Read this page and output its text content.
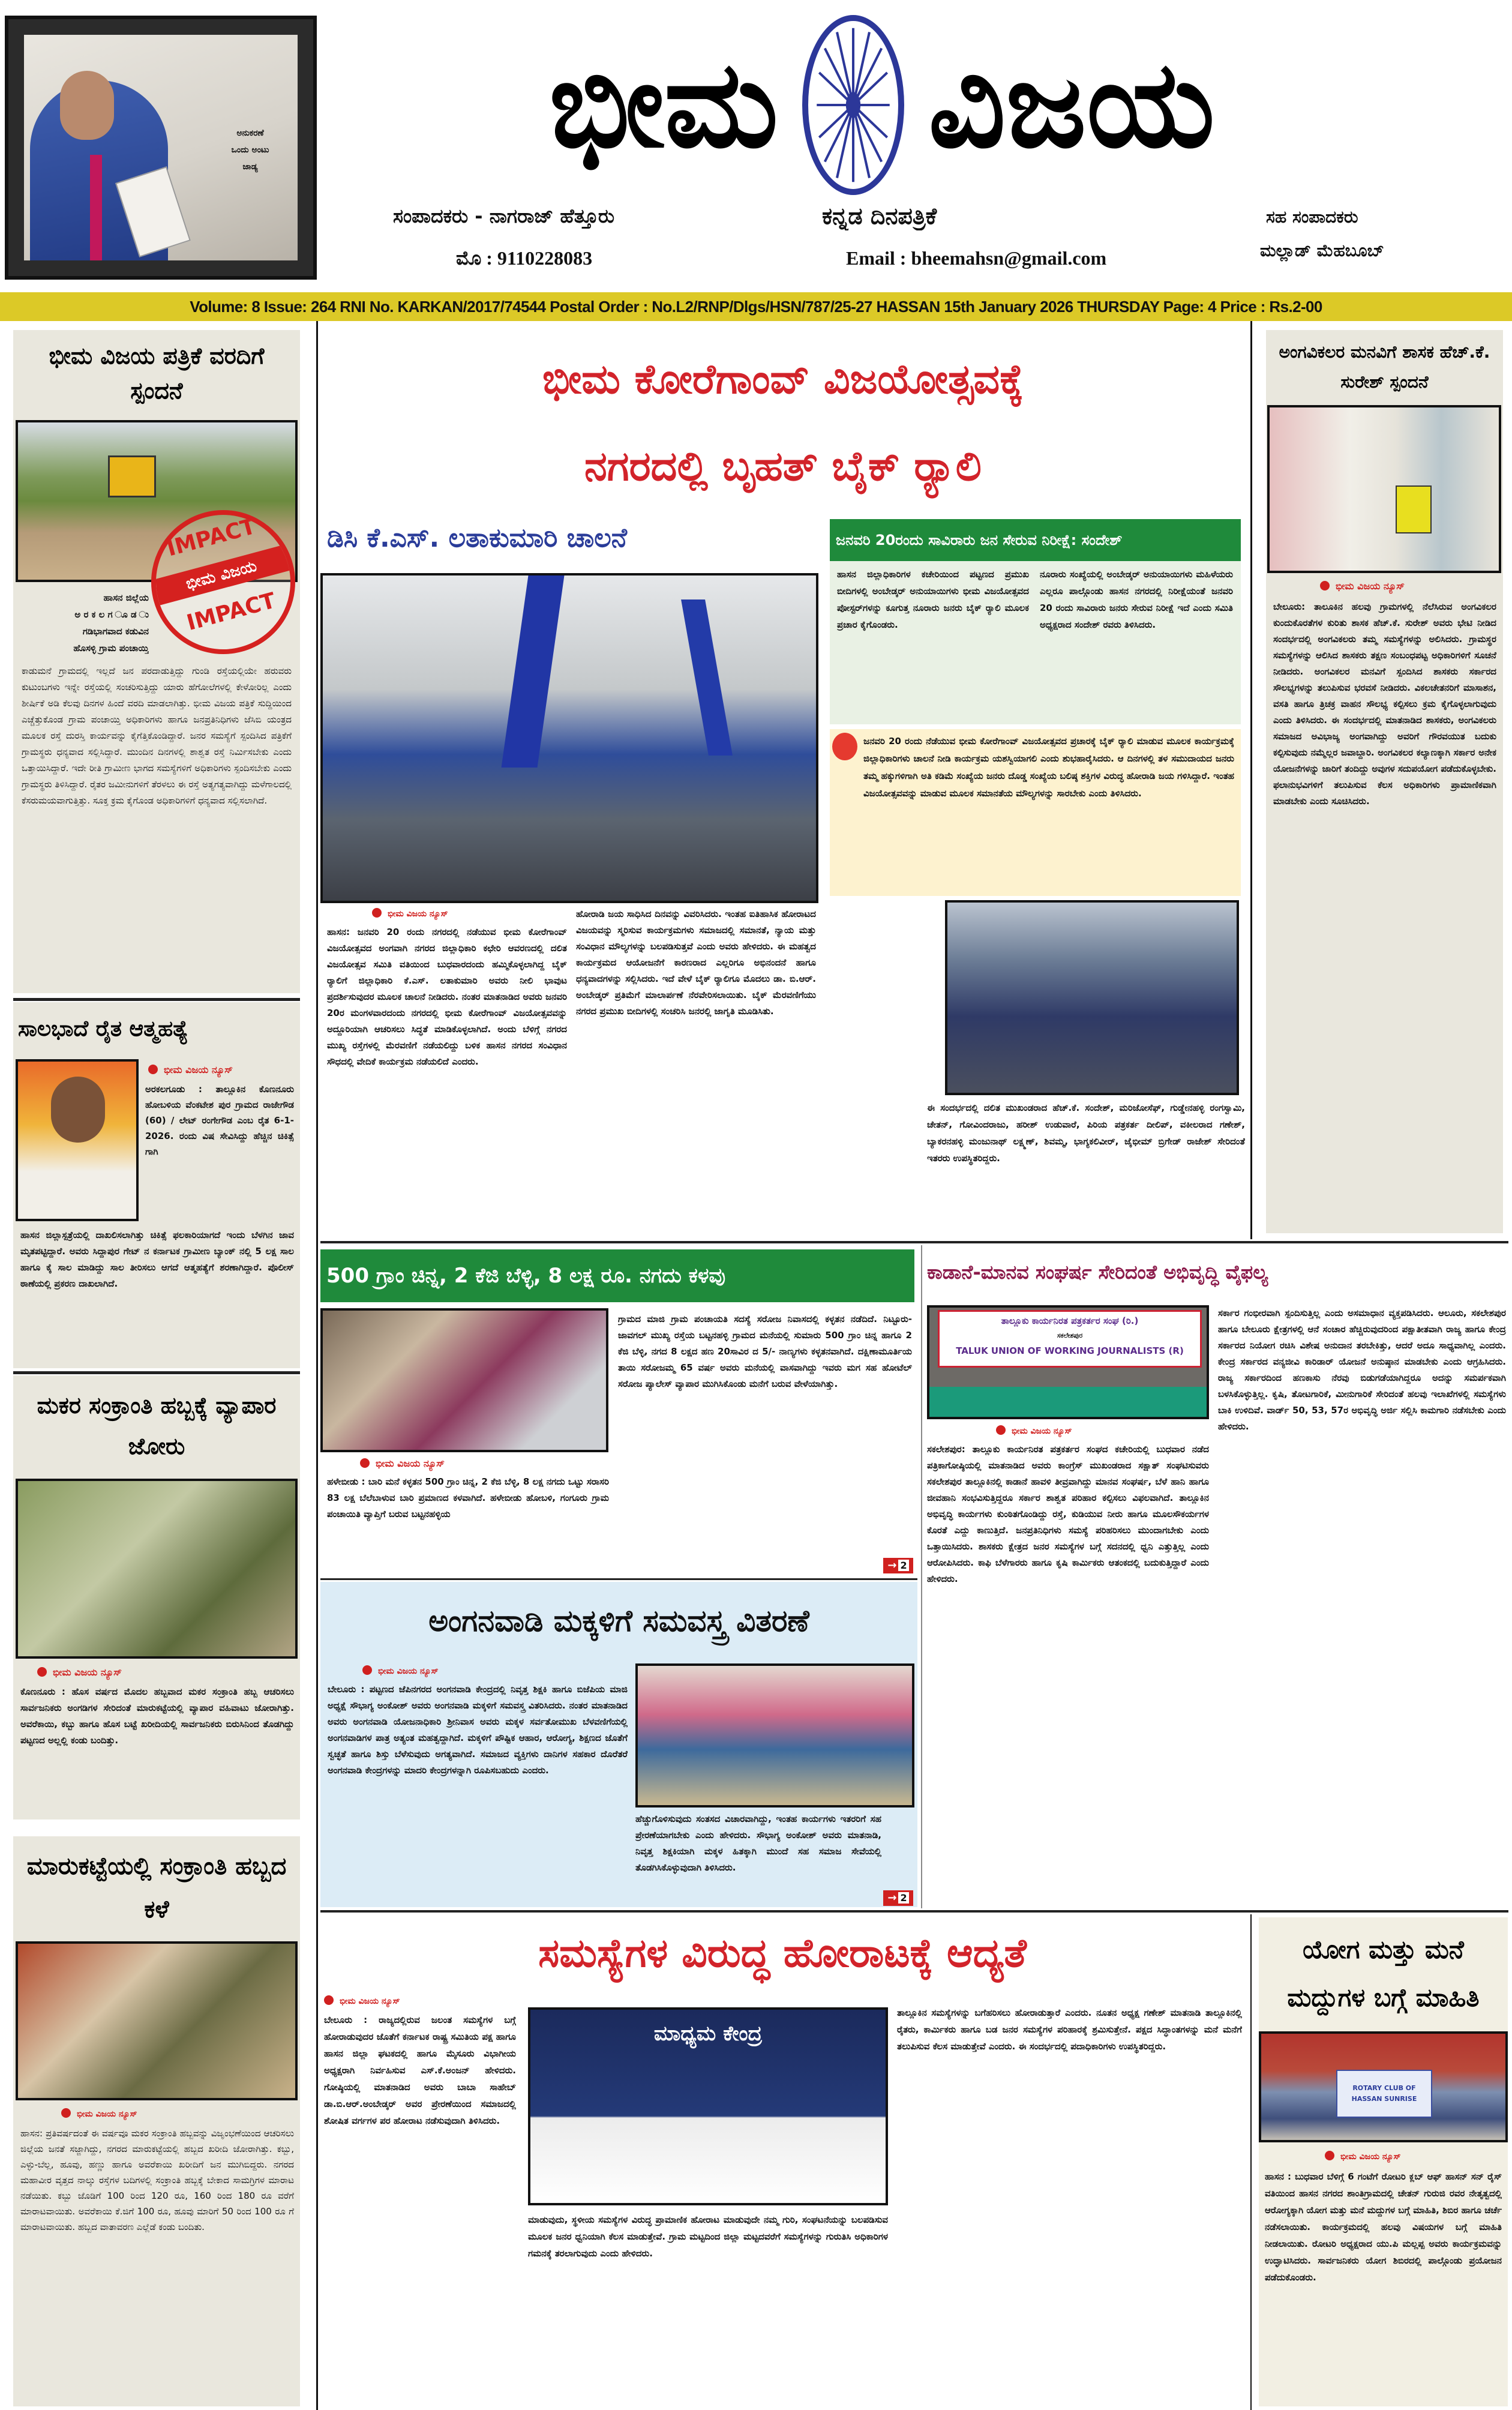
ಅನುಕರಣೆ
ಒಂದು ಅಂಟು
ಜಾಡ್ಯ ಭೀಮ ವಿಜಯ
ಸಂಪಾದಕರು - ನಾಗರಾಜ್ ಹೆತ್ತೂರು
ಮೊ : 9110228083
ಕನ್ನಡ ದಿನಪತ್ರಿಕೆ
Email : bheemahsn@gmail.com
ಸಹ ಸಂಪಾದಕರು
ಮಲ್ಲಾಡ್ ಮೆಹಬೂಬ್
Volume: 8 Issue: 264 RNI No. KARKAN/2017/74544 Postal Order : No.L2/RNP/Dlgs/HSN/787/25-27 HASSAN 15th January 2026 THURSDAY Page: 4 Price : Rs.2-00
ಭೀಮ ವಿಜಯ ಪತ್ರಿಕೆ ವರದಿಗೆ ಸ್ಪಂದನೆ
IMPACT
ಭೀಮ ವಿಜಯ
IMPACT
ಹಾಸನ ಜಿಲ್ಲೆಯ
ಅ ರ ಕ ಲ ಗ ೂ ಡ ು
ಗಡಿಭಾಗವಾದ ಕಡುವಿನ
ಹೊಸಳ್ಳಿ ಗ್ರಾಮ ಪಂಚಾಯ್ತಿ
ಕಾಡುಮನೆ ಗ್ರಾಮದಲ್ಲಿ ಇಲ್ಲದೆ ಜನ ಪರದಾಡುತ್ತಿದ್ದು ಗುಂಡಿ ರಸ್ತೆಯಲ್ಲಿಯೇ ಹರುವರು ಕುಟುಂಬಗಳು ಇನ್ನೇ ರಸ್ತೆಯಲ್ಲಿ ಸಂಚರಿಸುತ್ತಿದ್ದು ಯಾರು ಹೆಗೋಲೆಗಳಲ್ಲಿ ಕೇಳೋರಿಲ್ಲ ಎಂದು ಶೀರ್ಷಿಕೆ ಅಡಿ ಕೆಲವು ದಿನಗಳ ಹಿಂದೆ ವರದಿ ಮಾಡಲಾಗಿತ್ತು. ಭೀಮ ವಿಜಯ ಪತ್ರಿಕೆ ಸುದ್ದಿಯಿಂದ ಎಚ್ಚೆತ್ತುಕೊಂಡ ಗ್ರಾಮ ಪಂಚಾಯ್ತಿ ಅಧಿಕಾರಿಗಳು ಹಾಗೂ ಜನಪ್ರತಿನಿಧಿಗಳು ಜೆಸಿಬಿ ಯಂತ್ರದ ಮೂಲಕ ರಸ್ತೆ ದುರಸ್ತಿ ಕಾರ್ಯವನ್ನು ಕೈಗೆತ್ತಿಕೊಂಡಿದ್ದಾರೆ. ಜನರ ಸಮಸ್ಯೆಗೆ ಸ್ಪಂದಿಸಿದ ಪತ್ರಿಕೆಗೆ ಗ್ರಾಮಸ್ಥರು ಧನ್ಯವಾದ ಸಲ್ಲಿಸಿದ್ದಾರೆ. ಮುಂದಿನ ದಿನಗಳಲ್ಲಿ ಶಾಶ್ವತ ರಸ್ತೆ ನಿರ್ಮಿಸಬೇಕು ಎಂದು ಒತ್ತಾಯಿಸಿದ್ದಾರೆ. ಇದೇ ರೀತಿ ಗ್ರಾಮೀಣ ಭಾಗದ ಸಮಸ್ಯೆಗಳಿಗೆ ಅಧಿಕಾರಿಗಳು ಸ್ಪಂದಿಸಬೇಕು ಎಂದು ಗ್ರಾಮಸ್ಥರು ತಿಳಿಸಿದ್ದಾರೆ. ರೈತರ ಜಮೀನುಗಳಿಗೆ ತೆರಳಲು ಈ ರಸ್ತೆ ಅತ್ಯಗತ್ಯವಾಗಿದ್ದು ಮಳೆಗಾಲದಲ್ಲಿ ಕೆಸರುಮಯವಾಗುತ್ತಿತ್ತು. ಸೂಕ್ತ ಕ್ರಮ ಕೈಗೊಂಡ ಅಧಿಕಾರಿಗಳಿಗೆ ಧನ್ಯವಾದ ಸಲ್ಲಿಸಲಾಗಿದೆ.
ಸಾಲಭಾದೆ ರೈತ ಆತ್ಮಹತ್ಯೆ
ಭೀಮ ವಿಜಯ ನ್ಯೂಸ್
ಅರಕಲಗೂಡು : ತಾಲ್ಲೂಕಿನ ಕೊಣನೂರು ಹೋಬಳಿಯ ವೆಂಕಟೇಶ ಪುರ ಗ್ರಾಮದ ರಾಜೇಗೌಡ (60) / ಲೇಟ್ ರಂಗೇಗೌಡ ಎಂಬ ರೈತ 6-1-2026. ರಂದು ವಿಷ ಸೇವಿಸಿದ್ದು ಹೆಚ್ಚಿನ ಚಿಕಿತ್ಸೆ ಗಾಗಿ
ಹಾಸನ ಜಿಲ್ಲಾಸ್ಪತ್ರೆಯಲ್ಲಿ ದಾಖಲಿಸಲಾಗಿತ್ತು ಚಿಕಿತ್ಸೆ ಫಲಕಾರಿಯಾಗದೆ ಇಂದು ಬೆಳಗಿನ ಜಾವ ಮೃತಪಟ್ಟಿದ್ದಾರೆ. ಅವರು ಸಿದ್ದಾಪುರ ಗೇಟ್ ನ ಕರ್ನಾಟಕ ಗ್ರಾಮೀಣ ಬ್ಯಾಂಕ್ ನಲ್ಲಿ 5 ಲಕ್ಷ ಸಾಲ ಹಾಗೂ ಕೈ ಸಾಲ ಮಾಡಿದ್ದು ಸಾಲ ತೀರಿಸಲು ಆಗದೆ ಆತ್ಮಹತ್ಯೆಗೆ ಶರಣಾಗಿದ್ದಾರೆ. ಪೊಲೀಸ್ ಠಾಣೆಯಲ್ಲಿ ಪ್ರಕರಣ ದಾಖಲಾಗಿದೆ.
ಮಕರ ಸಂಕ್ರಾಂತಿ ಹಬ್ಬಕ್ಕೆ ವ್ಯಾಪಾರ ಜೋರು
ಭೀಮ ವಿಜಯ ನ್ಯೂಸ್
ಕೊಣನೂರು : ಹೊಸ ವರ್ಷದ ಮೊದಲ ಹಬ್ಬವಾದ ಮಕರ ಸಂಕ್ರಾಂತಿ ಹಬ್ಬ ಆಚರಿಸಲು ಸಾರ್ವಜನಿಕರು ಅಂಗಡಿಗಳ ಸೇರಿದಂತೆ ಮಾರುಕಟ್ಟೆಯಲ್ಲಿ ವ್ಯಾಪಾರ ವಹಿವಾಟು ಜೋರಾಗಿತ್ತು. ಅವರೆಕಾಯಿ, ಕಬ್ಬು ಹಾಗೂ ಹೊಸ ಬಟ್ಟೆ ಖರೀದಿಯಲ್ಲಿ ಸಾರ್ವಜನಿಕರು ಬಿರುಸಿನಿಂದ ತೊಡಗಿದ್ದು ಪಟ್ಟಣದ ಅಲ್ಲಲ್ಲಿ ಕಂಡು ಬಂದಿತ್ತು.
ಮಾರುಕಟ್ಟೆಯಲ್ಲಿ ಸಂಕ್ರಾಂತಿ ಹಬ್ಬದ ಕಳೆ
ಭೀಮ ವಿಜಯ ನ್ಯೂಸ್
ಹಾಸನ: ಪ್ರತಿವರ್ಷದಂತೆ ಈ ವರ್ಷವೂ ಮಕರ ಸಂಕ್ರಾಂತಿ ಹಬ್ಬವನ್ನು ವಿಜೃಂಭಣೆಯಿಂದ ಆಚರಿಸಲು ಜಿಲ್ಲೆಯ ಜನತೆ ಸಜ್ಜಾಗಿದ್ದು, ನಗರದ ಮಾರುಕಟ್ಟೆಯಲ್ಲಿ ಹಬ್ಬದ ಖರೀದಿ ಜೋರಾಗಿತ್ತು. ಕಬ್ಬು, ಎಳ್ಳು-ಬೆಲ್ಲ, ಹೂವು, ಹಣ್ಣು ಹಾಗೂ ಅವರೆಕಾಯಿ ಖರೀದಿಗೆ ಜನ ಮುಗಿಬಿದ್ದರು. ನಗರದ ಮಹಾವೀರ ವೃತ್ತದ ನಾಲ್ಕು ರಸ್ತೆಗಳ ಬದಿಗಳಲ್ಲಿ ಸಂಕ್ರಾಂತಿ ಹಬ್ಬಕ್ಕೆ ಬೇಕಾದ ಸಾಮಗ್ರಿಗಳ ಮಾರಾಟ ನಡೆಯಿತು. ಕಬ್ಬು ಜೊಡಿಗೆ 100 ರಿಂದ 120 ರೂ, 160 ರಿಂದ 180 ರೂ ವರೆಗೆ ಮಾರಾಟವಾಯಿತು. ಅವರೆಕಾಯಿ ಕೆ.ಜಿಗೆ 100 ರೂ, ಹೂವು ಮಾರಿಗೆ 50 ರಿಂದ 100 ರೂ ಗೆ ಮಾರಾಟವಾಯಿತು. ಹಬ್ಬದ ವಾತಾವರಣ ಎಲ್ಲೆಡೆ ಕಂಡು ಬಂದಿತು.
ಭೀಮ ಕೋರೆಗಾಂವ್ ವಿಜಯೋತ್ಸವಕ್ಕೆ
ನಗರದಲ್ಲಿ ಬೃಹತ್ ಬೈಕ್ ರ್‍ಯಾಲಿ
ಡಿಸಿ ಕೆ.ಎಸ್. ಲತಾಕುಮಾರಿ ಚಾಲನೆ
ಭೀಮ ವಿಜಯ ನ್ಯೂಸ್
ಹಾಸನ: ಜನವರಿ 20 ರಂದು ನಗರದಲ್ಲಿ ನಡೆಯುವ ಭೀಮ ಕೋರೆಗಾಂವ್ ವಿಜಯೋತ್ಸವದ ಅಂಗವಾಗಿ ನಗರದ ಜಿಲ್ಲಾಧಿಕಾರಿ ಕಛೇರಿ ಆವರಣದಲ್ಲಿ ದಲಿತ ವಿಜಯೋತ್ಸವ ಸಮಿತಿ ವತಿಯಿಂದ ಬುಧವಾರದಂದು ಹಮ್ಮಿಕೊಳ್ಳಲಾಗಿದ್ದ ಬೈಕ್ ರ್‍ಯಾಲಿಗೆ ಜಿಲ್ಲಾಧಿಕಾರಿ ಕೆ.ಎಸ್. ಲತಾಕುಮಾರಿ ಅವರು ನೀಲಿ ಭಾವುಟ ಪ್ರದರ್ಶಿಸುವುದರ ಮೂಲಕ ಚಾಲನೆ ನೀಡಿದರು. ನಂತರ ಮಾತನಾಡಿದ ಅವರು ಜನವರಿ 20ರ ಮಂಗಳವಾರದಂದು ನಗರದಲ್ಲಿ ಭೀಮ ಕೋರೆಗಾಂವ್ ವಿಜಯೋತ್ಸವವನ್ನು ಅದ್ದೂರಿಯಾಗಿ ಆಚರಿಸಲು ಸಿದ್ಧತೆ ಮಾಡಿಕೊಳ್ಳಲಾಗಿದೆ. ಅಂದು ಬೆಳಿಗ್ಗೆ ನಗರದ ಮುಖ್ಯ ರಸ್ತೆಗಳಲ್ಲಿ ಮೆರವಣಿಗೆ ನಡೆಯಲಿದ್ದು ಬಳಿಕ ಹಾಸನ ನಗರದ ಸಂವಿಧಾನ ಸೌಧದಲ್ಲಿ ವೇದಿಕೆ ಕಾರ್ಯಕ್ರಮ ನಡೆಯಲಿದೆ ಎಂದರು.
ಹೋರಾಡಿ ಜಯ ಸಾಧಿಸಿದ ದಿನವನ್ನು ವಿವರಿಸಿದರು. ಇಂತಹ ಐತಿಹಾಸಿಕ ಹೋರಾಟದ ವಿಜಯವನ್ನು ಸ್ಮರಿಸುವ ಕಾರ್ಯಕ್ರಮಗಳು ಸಮಾಜದಲ್ಲಿ ಸಮಾನತೆ, ನ್ಯಾಯ ಮತ್ತು ಸಂವಿಧಾನ ಮೌಲ್ಯಗಳನ್ನು ಬಲಪಡಿಸುತ್ತವೆ ಎಂದು ಅವರು ಹೇಳಿದರು. ಈ ಮಹತ್ವದ ಕಾರ್ಯಕ್ರಮದ ಆಯೋಜನೆಗೆ ಕಾರಣರಾದ ಎಲ್ಲರಿಗೂ ಅಭಿನಂದನೆ ಹಾಗೂ ಧನ್ಯವಾದಗಳನ್ನು ಸಲ್ಲಿಸಿದರು. ಇದೆ ವೇಳೆ ಬೈಕ್ ರ್‍ಯಾಲಿಗೂ ಮೊದಲು ಡಾ. ಬಿ.ಆರ್. ಅಂಬೇಡ್ಕರ್ ಪ್ರತಿಮೆಗೆ ಮಾಲಾರ್ಪಣೆ ನೆರವೇರಿಸಲಾಯಿತು. ಬೈಕ್ ಮೆರವಣಿಗೆಯು ನಗರದ ಪ್ರಮುಖ ಬೀದಿಗಳಲ್ಲಿ ಸಂಚರಿಸಿ ಜನರಲ್ಲಿ ಜಾಗೃತಿ ಮೂಡಿಸಿತು.
ಜನವರಿ 20ರಂದು ಸಾವಿರಾರು ಜನ ಸೇರುವ ನಿರೀಕ್ಷೆ: ಸಂದೇಶ್
ಹಾಸನ ಜಿಲ್ಲಾಧಿಕಾರಿಗಳ ಕಚೇರಿಯಿಂದ ಪಟ್ಟಣದ ಪ್ರಮುಖ ಬೀದಿಗಳಲ್ಲಿ ಅಂಬೇಡ್ಕರ್ ಅನುಯಾಯಿಗಳು ಭೀಮ ವಿಜಯೋತ್ಸವದ ಪೋಸ್ಟರ್‌ಗಳನ್ನು ಕೂಗುತ್ತ ನೂರಾರು ಜನರು ಬೈಕ್ ರ್‍ಯಾಲಿ ಮೂಲಕ ಪ್ರಚಾರ ಕೈಗೊಂಡರು.
ನೂರಾರು ಸಂಖ್ಯೆಯಲ್ಲಿ ಅಂಬೇಡ್ಕರ್ ಅನುಯಾಯಿಗಳು ಮಹಿಳೆಯರು ಎಲ್ಲರೂ ಪಾಲ್ಗೊಂಡು ಹಾಸನ ನಗರದಲ್ಲಿ ನಿರೀಕ್ಷೆಯಂತೆ ಜನವರಿ 20 ರಂದು ಸಾವಿರಾರು ಜನರು ಸೇರುವ ನಿರೀಕ್ಷೆ ಇದೆ ಎಂದು ಸಮಿತಿ ಅಧ್ಯಕ್ಷರಾದ ಸಂದೇಶ್ ರವರು ತಿಳಿಸಿದರು.
ಜನವರಿ 20 ರಂದು ನೆಡೆಯುವ ಭೀಮ ಕೋರೆಗಾಂವ್ ವಿಜಯೋತ್ಸವದ ಪ್ರಚಾರಕ್ಕೆ ಬೈಕ್ ರ್‍ಯಾಲಿ ಮಾಡುವ ಮೂಲಕ ಕಾರ್ಯಕ್ರಮಕ್ಕೆ ಜಿಲ್ಲಾಧಿಕಾರಿಗಳು ಚಾಲನೆ ನೀಡಿ ಕಾರ್ಯಕ್ರಮ ಯಶಸ್ವಿಯಾಗಲಿ ಎಂದು ಶುಭಹಾರೈಸಿದರು. ಆ ದಿನಗಳಲ್ಲಿ ತಳ ಸಮುದಾಯದ ಜನರು ತಮ್ಮ ಹಕ್ಕುಗಳಿಗಾಗಿ ಅತಿ ಕಡಿಮೆ ಸಂಖ್ಯೆಯ ಜನರು ದೊಡ್ಡ ಸಂಖ್ಯೆಯ ಬಲಿಷ್ಠ ಶಕ್ತಿಗಳ ವಿರುದ್ಧ ಹೋರಾಡಿ ಜಯ ಗಳಿಸಿದ್ದಾರೆ. ಇಂತಹ ವಿಜಯೋತ್ಸವವನ್ನು ಮಾಡುವ ಮೂಲಕ ಸಮಾನತೆಯ ಮೌಲ್ಯಗಳನ್ನು ಸಾರಬೇಕು ಎಂದು ತಿಳಿಸಿದರು.
ಈ ಸಂದರ್ಭದಲ್ಲಿ ದಲಿತ ಮುಖಂಡರಾದ ಹೆಚ್.ಕೆ. ಸಂದೇಶ್, ಮರಿಜೋಸೆಫ್, ಗುಡ್ಡೇನಹಳ್ಳಿ ರಂಗಸ್ವಾಮಿ, ಚೇತನ್, ಗೋವಿಂದರಾಜು, ಹರೀಶ್ ಉಡುವಾರೆ, ಪಿರಿಯ ಪತ್ರಕರ್ತ ದೀಲಿಪ್, ವಕೀಲರಾದ ಗಣೇಶ್, ಬ್ಯಾಕರನಹಳ್ಳಿ ಮಂಜುನಾಥ್ ಲಕ್ಷ್ಮಣ್, ಶಿವಮ್ಮ, ಭಾಗ್ಯಕಲಿವೀರ್, ಜೈಭೀಮ್ ಬ್ರಿಗೇಡ್ ರಾಜೇಶ್ ಸೇರಿದಂತೆ ಇತರರು ಉಪಸ್ಥಿತರಿದ್ದರು.
500 ಗ್ರಾಂ ಚಿನ್ನ, 2 ಕೆಜಿ ಬೆಳ್ಳಿ, 8 ಲಕ್ಷ ರೂ. ನಗದು ಕಳವು
ಭೀಮ ವಿಜಯ ನ್ಯೂಸ್
ಹಳೇಬೀಡು : ಬಾರಿ ಮನೆ ಕಳ್ಳತನ 500 ಗ್ರಾಂ ಚಿನ್ನ, 2 ಕೆಜಿ ಬೆಳ್ಳಿ, 8 ಲಕ್ಷ ನಗದು ಒಟ್ಟು ಸರಾಸರಿ 83 ಲಕ್ಷ ಬೆಲೆಬಾಳುವ ಬಾರಿ ಪ್ರಮಾಣದ ಕಳವಾಗಿದೆ. ಹಳೇಬೀಡು ಹೋಬಳಿ, ಗಂಗೂರು ಗ್ರಾಮ ಪಂಚಾಯಿತಿ ವ್ಯಾಪ್ತಿಗೆ ಬರುವ ಬಟ್ಟನಹಳ್ಳಿಯ
ಗ್ರಾಮದ ಮಾಜಿ ಗ್ರಾಮ ಪಂಚಾಯತಿ ಸದಸ್ಯೆ ಸರೋಜ ನಿವಾಸದಲ್ಲಿ ಕಳ್ಳತನ ನಡೆದಿದೆ. ನಿಟ್ಟೂರು-ಜಾವಗಲ್ ಮುಖ್ಯ ರಸ್ತೆಯ ಬಟ್ಟನಹಳ್ಳಿ ಗ್ರಾಮದ ಮನೆಯಲ್ಲಿ ಸುಮಾರು 500 ಗ್ರಾಂ ಚಿನ್ನ ಹಾಗೂ 2 ಕೆಜಿ ಬೆಳ್ಳಿ, ನಗದ 8 ಲಕ್ಷದ ಹಣ 20ಸಾವಿರ ದ 5/- ನಾಣ್ಯಗಳು ಕಳ್ಳತನವಾಗಿದೆ. ದಕ್ಷಿಣಾಮೂರ್ತಿಯ ತಾಯಿ ಸರೋಜಮ್ಮ 65 ವರ್ಷ ಅವರು ಮನೆಯಲ್ಲಿ ವಾಸವಾಗಿದ್ದು ಇವರು ಮಗ ಸಹ ಹೋಟೆಲ್ ಸರೋಜ ಪ್ಯಾಲೇಸ್ ವ್ಯಾಪಾರ ಮುಗಿಸಿಕೊಂಡು ಮನೆಗೆ ಬರುವ ವೇಳೆಯಾಗಿತ್ತು.
→ 2
ಅಂಗನವಾಡಿ ಮಕ್ಕಳಿಗೆ ಸಮವಸ್ತ್ರ ವಿತರಣೆ
ಭೀಮ ವಿಜಯ ನ್ಯೂಸ್
ಬೇಲೂರು : ಪಟ್ಟಣದ ಜೆಪಿನಗರದ ಅಂಗನವಾಡಿ ಕೇಂದ್ರದಲ್ಲಿ ನಿವೃತ್ತ ಶಿಕ್ಷಕಿ ಹಾಗೂ ಬಿಜೆಪಿಯ ಮಾಜಿ ಅಧ್ಯಕ್ಷೆ ಸೌಭಾಗ್ಯ ಅಂಕೋಶ್ ಅವರು ಅಂಗನವಾಡಿ ಮಕ್ಕಳಿಗೆ ಸಮವಸ್ತ್ರ ವಿತರಿಸಿದರು. ನಂತರ ಮಾತನಾಡಿದ ಅವರು ಅಂಗನವಾಡಿ ಯೋಜನಾಧಿಕಾರಿ ಶ್ರೀನಿವಾಸ ಅವರು ಮಕ್ಕಳ ಸರ್ವತೋಮುಖ ಬೆಳವಣಿಗೆಯಲ್ಲಿ ಅಂಗನವಾಡಿಗಳ ಪಾತ್ರ ಅತ್ಯಂತ ಮಹತ್ವದ್ದಾಗಿದೆ. ಮಕ್ಕಳಿಗೆ ಪೌಷ್ಟಿಕ ಆಹಾರ, ಆರೋಗ್ಯ, ಶಿಕ್ಷಣದ ಜೊತೆಗೆ ಸ್ವಚ್ಛತೆ ಹಾಗೂ ಶಿಸ್ತು ಬೆಳೆಸುವುದು ಅಗತ್ಯವಾಗಿದೆ. ಸಮಾಜದ ವ್ಯಕ್ತಿಗಳು ದಾನಿಗಳ ಸಹಕಾರ ದೊರೆತರೆ ಅಂಗನವಾಡಿ ಕೇಂದ್ರಗಳನ್ನು ಮಾದರಿ ಕೇಂದ್ರಗಳನ್ನಾಗಿ ರೂಪಿಸಬಹುದು ಎಂದರು.
ಹೆಚ್ಚುಗೊಳಿಸುವುದು ಸಂತಸದ ವಿಚಾರವಾಗಿದ್ದು, ಇಂತಹ ಕಾರ್ಯಗಳು ಇತರರಿಗೆ ಸಹ ಪ್ರೇರಣೆಯಾಗಬೇಕು ಎಂದು ಹೇಳಿದರು. ಸೌಭಾಗ್ಯ ಅಂಕೋಶ್ ಅವರು ಮಾತನಾಡಿ, ನಿವೃತ್ತ ಶಿಕ್ಷಕಿಯಾಗಿ ಮಕ್ಕಳ ಹಿತಕ್ಕಾಗಿ ಮುಂದೆ ಸಹ ಸಮಾಜ ಸೇವೆಯಲ್ಲಿ ತೊಡಗಿಸಿಕೊಳ್ಳುವುದಾಗಿ ತಿಳಿಸಿದರು.
→ 2
ಕಾಡಾನೆ-ಮಾನವ ಸಂಘರ್ಷ ಸೇರಿದಂತೆ ಅಭಿವೃದ್ಧಿ ವೈಫಲ್ಯ
ತಾಲ್ಲೂಕು ಕಾರ್ಯನಿರತ ಪತ್ರಕರ್ತರ ಸಂಘ (ರಿ.)
ಸಕಲೇಶಪುರ
TALUK UNION OF WORKING JOURNALISTS (R)
ಭೀಮ ವಿಜಯ ನ್ಯೂಸ್
ಸಕಲೇಶಪುರ: ತಾಲ್ಲೂಕು ಕಾರ್ಯನಿರತ ಪತ್ರಕರ್ತರ ಸಂಘದ ಕಚೇರಿಯಲ್ಲಿ ಬುಧವಾರ ನಡೆದ ಪತ್ರಿಕಾಗೋಷ್ಠಿಯಲ್ಲಿ ಮಾತನಾಡಿದ ಅವರು ಕಾಂಗ್ರೆಸ್ ಮುಖಂಡರಾದ ಸಕ್ಷಾತ್ ಸಂಘಟಿಸುವರು ಸಕಲೇಶಪುರ ತಾಲ್ಲೂಕಿನಲ್ಲಿ ಕಾಡಾನೆ ಹಾವಳಿ ತೀವ್ರವಾಗಿದ್ದು ಮಾನವ ಸಂಘರ್ಷ, ಬೆಳೆ ಹಾನಿ ಹಾಗೂ ಜೀವಹಾನಿ ಸಂಭವಿಸುತ್ತಿದ್ದರೂ ಸರ್ಕಾರ ಶಾಶ್ವತ ಪರಿಹಾರ ಕಲ್ಪಿಸಲು ವಿಫಲವಾಗಿದೆ. ತಾಲ್ಲೂಕಿನ ಅಭಿವೃದ್ಧಿ ಕಾರ್ಯಗಳು ಕುಂಠಿತಗೊಂಡಿದ್ದು ರಸ್ತೆ, ಕುಡಿಯುವ ನೀರು ಹಾಗೂ ಮೂಲಸೌಕರ್ಯಗಳ ಕೊರತೆ ಎದ್ದು ಕಾಣುತ್ತಿದೆ. ಜನಪ್ರತಿನಿಧಿಗಳು ಸಮಸ್ಯೆ ಪರಿಹರಿಸಲು ಮುಂದಾಗಬೇಕು ಎಂದು ಒತ್ತಾಯಿಸಿದರು. ಶಾಸಕರು ಕ್ಷೇತ್ರದ ಜನರ ಸಮಸ್ಯೆಗಳ ಬಗ್ಗೆ ಸದನದಲ್ಲಿ ಧ್ವನಿ ಎತ್ತುತ್ತಿಲ್ಲ ಎಂದು ಆರೋಪಿಸಿದರು. ಕಾಫಿ ಬೆಳೆಗಾರರು ಹಾಗೂ ಕೃಷಿ ಕಾರ್ಮಿಕರು ಆತಂಕದಲ್ಲಿ ಬದುಕುತ್ತಿದ್ದಾರೆ ಎಂದು ಹೇಳಿದರು.
ಸರ್ಕಾರ ಗಂಭೀರವಾಗಿ ಸ್ಪಂದಿಸುತ್ತಿಲ್ಲ ಎಂದು ಅಸಮಾಧಾನ ವ್ಯಕ್ತಪಡಿಸಿದರು. ಆಲೂರು, ಸಕಲೇಶಪುರ ಹಾಗೂ ಬೇಲೂರು ಕ್ಷೇತ್ರಗಳಲ್ಲಿ ಆನೆ ಸಂಚಾರ ಹೆಚ್ಚಿರುವುದರಿಂದ ಪಕ್ಷಾತೀತವಾಗಿ ರಾಜ್ಯ ಹಾಗೂ ಕೇಂದ್ರ ಸರ್ಕಾರದ ನಿಯೋಗ ರಚಿಸಿ ವಿಶೇಷ ಅನುದಾನ ತರಬೇಕಿತ್ತು, ಆದರೆ ಅದೂ ಸಾಧ್ಯವಾಗಿಲ್ಲ ಎಂದರು. ಕೇಂದ್ರ ಸರ್ಕಾರದ ವನ್ಯಜೀವಿ ಕಾರಿಡಾರ್ ಯೋಜನೆ ಅನುಷ್ಠಾನ ಮಾಡಬೇಕು ಎಂದು ಆಗ್ರಹಿಸಿದರು. ರಾಜ್ಯ ಸರ್ಕಾರದಿಂದ ಹಣಕಾಸು ನೆರವು ಬಿಡುಗಡೆಯಾಗಿದ್ದರೂ ಅದನ್ನು ಸಮರ್ಪಕವಾಗಿ ಬಳಸಿಕೊಳ್ಳುತ್ತಿಲ್ಲ. ಕೃಷಿ, ತೋಟಗಾರಿಕೆ, ಮೀನುಗಾರಿಕೆ ಸೇರಿದಂತೆ ಹಲವು ಇಲಾಖೆಗಳಲ್ಲಿ ಸಮಸ್ಯೆಗಳು ಬಾಕಿ ಉಳಿದಿವೆ. ವಾರ್ಡ್ 50, 53, 57ರ ಅಭಿವೃದ್ಧಿ ಅರ್ಜಿ ಸಲ್ಲಿಸಿ ಕಾಮಗಾರಿ ನಡೆಸಬೇಕು ಎಂದು ಹೇಳಿದರು.
ಸಮಸ್ಯೆಗಳ ವಿರುದ್ಧ ಹೋರಾಟಕ್ಕೆ ಆದ್ಯತೆ
ಭೀಮ ವಿಜಯ ನ್ಯೂಸ್
ಬೇಲೂರು : ರಾಜ್ಯದಲ್ಲಿರುವ ಜಲಂತ ಸಮಸ್ಯೆಗಳ ಬಗ್ಗೆ ಹೋರಾಡುವುದರ ಜೊತೆಗೆ ಕರ್ನಾಟಕ ರಾಷ್ಟ್ರ ಸಮಿತಿಯ ಪಕ್ಷ ಹಾಗೂ ಹಾಸನ ಜಿಲ್ಲಾ ಘಟಕದಲ್ಲಿ ಹಾಗೂ ಮೈಸೂರು ವಿಭಾಗೀಯ ಅಧ್ಯಕ್ಷರಾಗಿ ನಿರ್ವಹಿಸುವ ಎಸ್.ಕೆ.ಅಂಜನ್ ಹೇಳಿದರು. ಗೋಷ್ಠಿಯಲ್ಲಿ ಮಾತನಾಡಿದ ಅವರು ಬಾಬಾ ಸಾಹೇಬ್ ಡಾ.ಬಿ.ಆರ್.ಅಂಬೇಡ್ಕರ್ ಅವರ ಪ್ರೇರಣೆಯಿಂದ ಸಮಾಜದಲ್ಲಿ ಶೋಷಿತ ವರ್ಗಗಳ ಪರ ಹೋರಾಟ ನಡೆಸುವುದಾಗಿ ತಿಳಿಸಿದರು.
ಮಾಧ್ಯಮ ಕೇಂದ್ರ
ಮಾಡುವುದು, ಸ್ಥಳೀಯ ಸಮಸ್ಯೆಗಳ ವಿರುದ್ಧ ಪ್ರಾಮಾಣಿಕ ಹೋರಾಟ ಮಾಡುವುದೇ ನಮ್ಮ ಗುರಿ, ಸಂಘಟನೆಯನ್ನು ಬಲಪಡಿಸುವ ಮೂಲಕ ಜನರ ಧ್ವನಿಯಾಗಿ ಕೆಲಸ ಮಾಡುತ್ತೇವೆ. ಗ್ರಾಮ ಮಟ್ಟದಿಂದ ಜಿಲ್ಲಾ ಮಟ್ಟದವರೆಗೆ ಸಮಸ್ಯೆಗಳನ್ನು ಗುರುತಿಸಿ ಅಧಿಕಾರಿಗಳ ಗಮನಕ್ಕೆ ತರಲಾಗುವುದು ಎಂದು ಹೇಳಿದರು.
ತಾಲ್ಲೂಕಿನ ಸಮಸ್ಯೆಗಳನ್ನು ಬಗೆಹರಿಸಲು ಹೋರಾಡುತ್ತಾರೆ ಎಂದರು. ನೂತನ ಅಧ್ಯಕ್ಷ ಗಣೇಶ್ ಮಾತನಾಡಿ ತಾಲ್ಲೂಕಿನಲ್ಲಿ ರೈತರು, ಕಾರ್ಮಿಕರು ಹಾಗೂ ಬಡ ಜನರ ಸಮಸ್ಯೆಗಳ ಪರಿಹಾರಕ್ಕೆ ಶ್ರಮಿಸುತ್ತೇನೆ. ಪಕ್ಷದ ಸಿದ್ಧಾಂತಗಳನ್ನು ಮನೆ ಮನೆಗೆ ತಲುಪಿಸುವ ಕೆಲಸ ಮಾಡುತ್ತೇವೆ ಎಂದರು. ಈ ಸಂದರ್ಭದಲ್ಲಿ ಪದಾಧಿಕಾರಿಗಳು ಉಪಸ್ಥಿತರಿದ್ದರು.
ಅಂಗವಿಕಲರ ಮನವಿಗೆ ಶಾಸಕ ಹೆಚ್.ಕೆ. ಸುರೇಶ್ ಸ್ಪಂದನೆ
ಭೀಮ ವಿಜಯ ನ್ಯೂಸ್
ಬೇಲೂರು: ತಾಲೂಕಿನ ಹಲವು ಗ್ರಾಮಗಳಲ್ಲಿ ನೆಲೆಸಿರುವ ಅಂಗವಿಕಲರ ಕುಂದುಕೊರತೆಗಳ ಕುರಿತು ಶಾಸಕ ಹೆಚ್.ಕೆ. ಸುರೇಶ್ ಅವರು ಭೇಟಿ ನೀಡಿದ ಸಂದರ್ಭದಲ್ಲಿ ಅಂಗವಿಕಲರು ತಮ್ಮ ಸಮಸ್ಯೆಗಳನ್ನು ಅಲಿಸಿದರು. ಗ್ರಾಮಸ್ಥರ ಸಮಸ್ಯೆಗಳನ್ನು ಆಲಿಸಿದ ಶಾಸಕರು ತಕ್ಷಣ ಸಂಬಂಧಪಟ್ಟ ಅಧಿಕಾರಿಗಳಿಗೆ ಸೂಚನೆ ನೀಡಿದರು. ಅಂಗವಿಕಲರ ಮನವಿಗೆ ಸ್ಪಂದಿಸಿದ ಶಾಸಕರು ಸರ್ಕಾರದ ಸೌಲಭ್ಯಗಳನ್ನು ತಲುಪಿಸುವ ಭರವಸೆ ನೀಡಿದರು. ವಿಕಲಚೇತನರಿಗೆ ಮಾಸಾಶನ, ವಸತಿ ಹಾಗೂ ತ್ರಿಚಕ್ರ ವಾಹನ ಸೌಲಭ್ಯ ಕಲ್ಪಿಸಲು ಕ್ರಮ ಕೈಗೊಳ್ಳಲಾಗುವುದು ಎಂದು ತಿಳಿಸಿದರು. ಈ ಸಂದರ್ಭದಲ್ಲಿ ಮಾತನಾಡಿದ ಶಾಸಕರು, ಅಂಗವಿಕಲರು ಸಮಾಜದ ಅವಿಭಾಜ್ಯ ಅಂಗವಾಗಿದ್ದು ಅವರಿಗೆ ಗೌರವಯುತ ಬದುಕು ಕಲ್ಪಿಸುವುದು ನಮ್ಮೆಲ್ಲರ ಜವಾಬ್ದಾರಿ. ಅಂಗವಿಕಲರ ಕಲ್ಯಾಣಕ್ಕಾಗಿ ಸರ್ಕಾರ ಅನೇಕ ಯೋಜನೆಗಳನ್ನು ಜಾರಿಗೆ ತಂದಿದ್ದು ಅವುಗಳ ಸದುಪಯೋಗ ಪಡೆದುಕೊಳ್ಳಬೇಕು. ಫಲಾನುಭವಿಗಳಿಗೆ ತಲುಪಿಸುವ ಕೆಲಸ ಅಧಿಕಾರಿಗಳು ಪ್ರಾಮಾಣಿಕವಾಗಿ ಮಾಡಬೇಕು ಎಂದು ಸೂಚಿಸಿದರು.
ಯೋಗ ಮತ್ತು ಮನೆ ಮದ್ದುಗಳ ಬಗ್ಗೆ ಮಾಹಿತಿ
ROTARY CLUB OF HASSAN SUNRISE
ಭೀಮ ವಿಜಯ ನ್ಯೂಸ್
ಹಾಸನ : ಬುಧವಾರ ಬೆಳಿಗ್ಗೆ 6 ಗಂಟೆಗೆ ರೋಟರಿ ಕ್ಲಬ್ ಆಫ್ ಹಾಸನ್ ಸನ್ ರೈಸ್ ವತಿಯಿಂದ ಹಾಸನ ನಗರದ ಶಾಂತಿಗ್ರಾಮದಲ್ಲಿ ಚೇತನ್ ಗುರುಜಿ ರವರ ನೇತೃತ್ವದಲ್ಲಿ ಆರೋಗ್ಯಕ್ಕಾಗಿ ಯೋಗ ಮತ್ತು ಮನೆ ಮದ್ದುಗಳ ಬಗ್ಗೆ ಮಾಹಿತಿ, ಶಿಬಿರ ಹಾಗೂ ಚರ್ಚೆ ನಡೆಸಲಾಯಿತು. ಕಾರ್ಯಕ್ರಮದಲ್ಲಿ ಹಲವು ವಿಷಯಗಳ ಬಗ್ಗೆ ಮಾಹಿತಿ ನೀಡಲಾಯಿತು. ರೋಟರಿ ಅಧ್ಯಕ್ಷರಾದ ಯು.ಪಿ ಮಲ್ಲಪ್ಪ ಅವರು ಕಾರ್ಯಕ್ರಮವನ್ನು ಉದ್ಘಾಟಿಸಿದರು. ಸಾರ್ವಜನಿಕರು ಯೋಗ ಶಿಬಿರದಲ್ಲಿ ಪಾಲ್ಗೊಂಡು ಪ್ರಯೋಜನ ಪಡೆದುಕೊಂಡರು.
